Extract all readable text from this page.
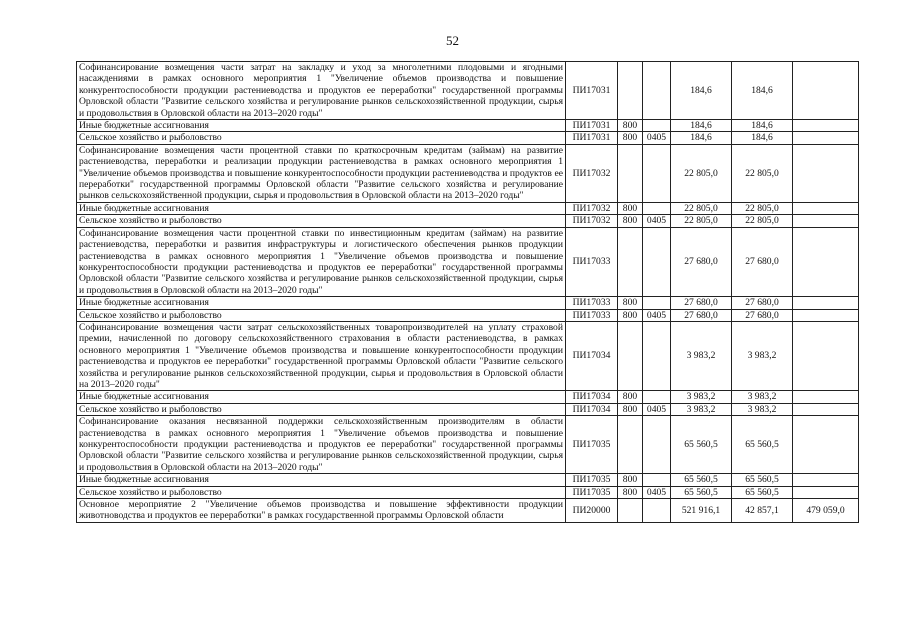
52
Софинансирование возмещения части затрат на закладку и уход за многолетними плодовыми и ягодными насаждениями в рамках основного мероприятия 1 "Увеличение объемов производства и повышение конкурентоспособности продукции растениеводства и продуктов ее переработки" государственной программы Орловской области "Развитие сельского хозяйства и регулирование рынков сельскохозяйственной продукции, сырья и продовольствия в Орловской области на 2013–2020 годы"	ПИ17031			184,6	184,6	
Иные бюджетные ассигнования	ПИ17031	800		184,6	184,6	
Сельское хозяйство и рыболовство	ПИ17031	800	0405	184,6	184,6	
Софинансирование возмещения части процентной ставки по краткосрочным кредитам (займам) на развитие растениеводства, переработки и реализации продукции растениеводства в рамках основного мероприятия 1 "Увеличение объемов производства и повышение конкурентоспособности продукции растениеводства и продуктов ее переработки" государственной программы Орловской области "Развитие сельского хозяйства и регулирование рынков сельскохозяйственной продукции, сырья и продовольствия в Орловской области на 2013–2020 годы"	ПИ17032			22 805,0	22 805,0	
Иные бюджетные ассигнования	ПИ17032	800		22 805,0	22 805,0	
Сельское хозяйство и рыболовство	ПИ17032	800	0405	22 805,0	22 805,0	
Софинансирование возмещения части процентной ставки по инвестиционным кредитам (займам) на развитие растениеводства, переработки и развития инфраструктуры и логистического обеспечения рынков продукции растениеводства в рамках основного мероприятия 1 "Увеличение объемов производства и повышение конкурентоспособности продукции растениеводства и продуктов ее переработки" государственной программы Орловской области "Развитие сельского хозяйства и регулирование рынков сельскохозяйственной продукции, сырья и продовольствия в Орловской области на 2013–2020 годы"	ПИ17033			27 680,0	27 680,0	
Иные бюджетные ассигнования	ПИ17033	800		27 680,0	27 680,0	
Сельское хозяйство и рыболовство	ПИ17033	800	0405	27 680,0	27 680,0	
Софинансирование возмещения части затрат сельскохозяйственных товаропроизводителей на уплату страховой премии, начисленной по договору сельскохозяйственного страхования в области растениеводства, в рамках основного мероприятия 1 "Увеличение объемов производства и повышение конкурентоспособности продукции растениеводства и продуктов ее переработки" государственной программы Орловской области "Развитие сельского хозяйства и регулирование рынков сельскохозяйственной продукции, сырья и продовольствия в Орловской области на 2013–2020 годы"	ПИ17034			3 983,2	3 983,2	
Иные бюджетные ассигнования	ПИ17034	800		3 983,2	3 983,2	
Сельское хозяйство и рыболовство	ПИ17034	800	0405	3 983,2	3 983,2	
Софинансирование оказания несвязанной поддержки сельскохозяйственным производителям в области растениеводства в рамках основного мероприятия 1 "Увеличение объемов производства и повышение конкурентоспособности продукции растениеводства и продуктов ее переработки" государственной программы Орловской области "Развитие сельского хозяйства и регулирование рынков сельскохозяйственной продукции, сырья и продовольствия в Орловской области на 2013–2020 годы"	ПИ17035			65 560,5	65 560,5	
Иные бюджетные ассигнования	ПИ17035	800		65 560,5	65 560,5	
Сельское хозяйство и рыболовство	ПИ17035	800	0405	65 560,5	65 560,5	
Основное мероприятие 2 "Увеличение объемов производства и повышение эффективности продукции животноводства и продуктов ее переработки" в рамках государственной программы Орловской области	ПИ20000			521 916,1	42 857,1	479 059,0
